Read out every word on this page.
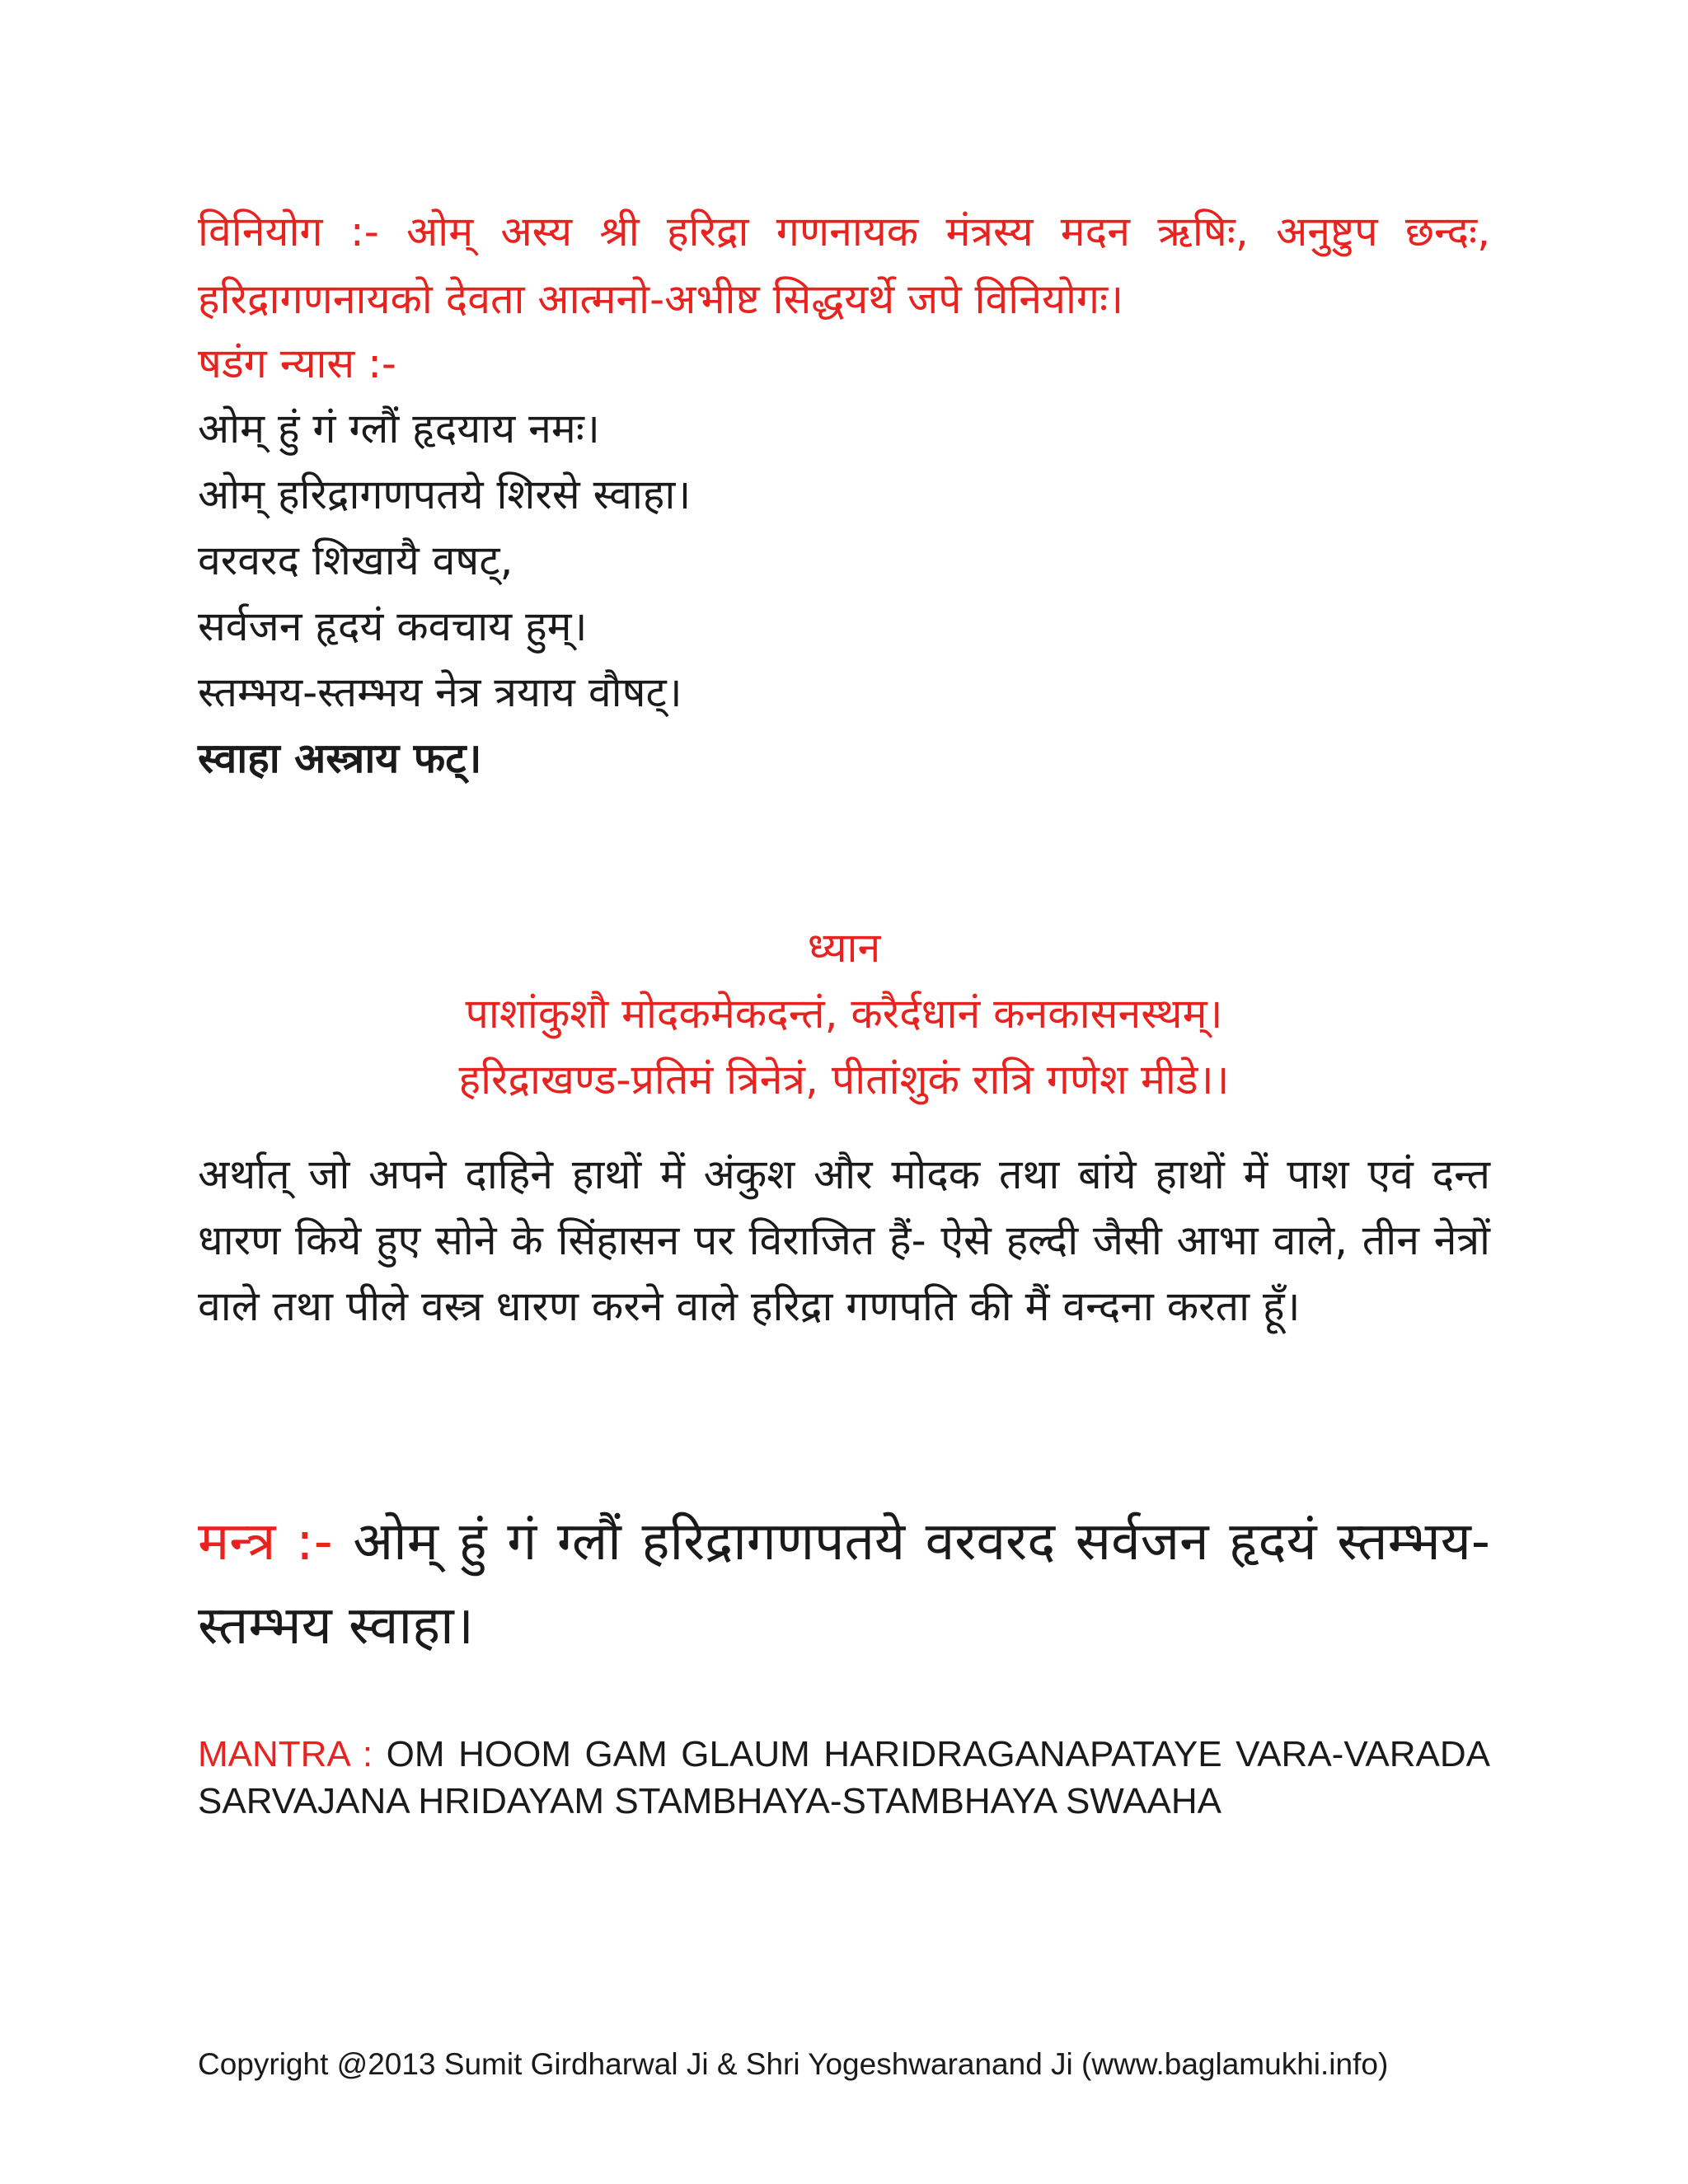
विनियोग :- ओम् अस्य श्री हरिद्रा गणनायक मंत्रस्य मदन ऋषिः, अनुष्टुप छन्दः, हरिद्रागणनायको देवता आत्मनो-अभीष्ट सिद्धयर्थे जपे विनियोगः।

षडंग न्यास :-

ओम् हुं गं ग्लौं हृदयाय नमः।
ओम् हरिद्रागणपतये शिरसे स्वाहा।
वरवरद शिखायै वषट्,
सर्वजन हृदयं कवचाय हुम्।
स्तम्भय-स्तम्भय नेत्र त्रयाय वौषट्।
स्वाहा अस्त्राय फट्।
ध्यान
पाशांकुशौ मोदकमेकदन्तं, करैर्दधानं कनकासनस्थम्।
हरिद्राखण्ड-प्रतिमं त्रिनेत्रं, पीतांशुकं रात्रि गणेश मीडे।।

अर्थात् जो अपने दाहिने हाथों में अंकुश और मोदक तथा बांये हाथों में पाश एवं दन्त धारण किये हुए सोने के सिंहासन पर विराजित हैं- ऐसे हल्दी जैसी आभा वाले, तीन नेत्रों वाले तथा पीले वस्त्र धारण करने वाले हरिद्रा गणपति की मैं वन्दना करता हूँ।

मन्त्र :- ओम् हुं गं ग्लौं हरिद्रागणपतये वरवरद सर्वजन हृदयं स्तम्भय-स्तम्भय स्वाहा।

MANTRA : OM HOOM GAM GLAUM HARIDRAGANAPATAYE VARA-VARADA SARVAJANA HRIDAYAM STAMBHAYA-STAMBHAYA SWAAHA

Copyright @2013 Sumit Girdharwal Ji & Shri Yogeshwaranand Ji (www.baglamukhi.info)
